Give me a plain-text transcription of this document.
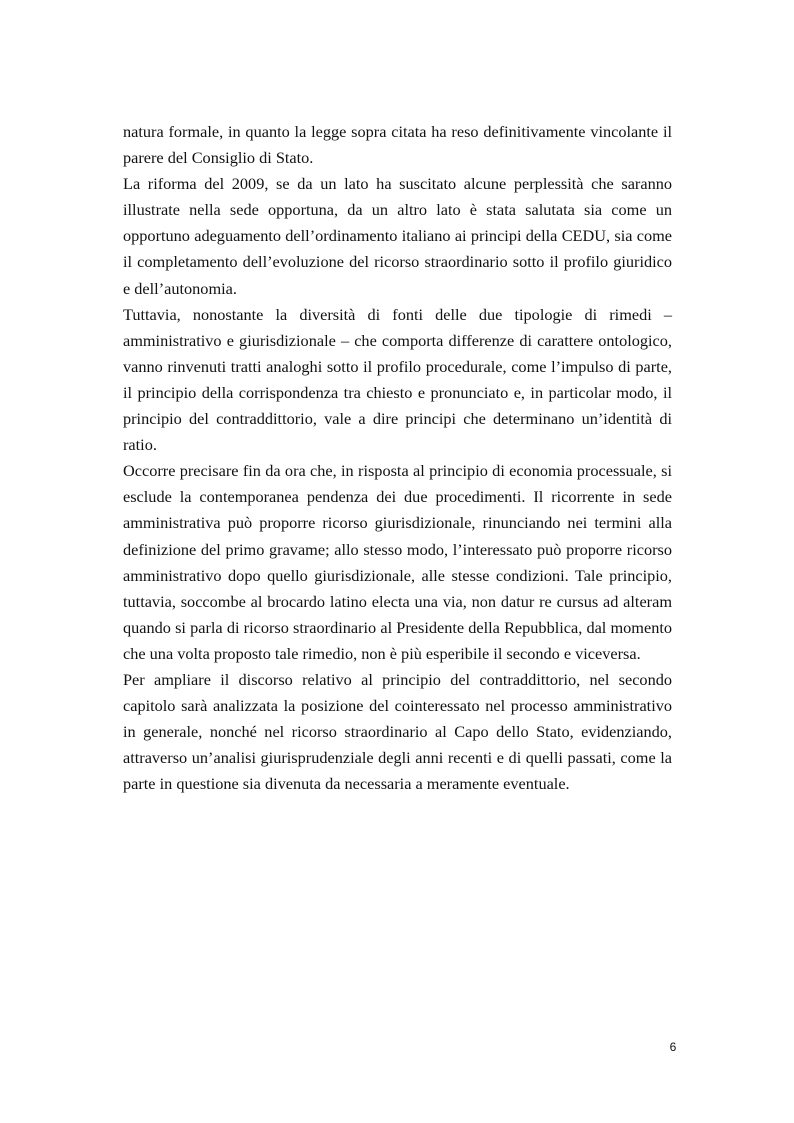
natura formale, in quanto la legge sopra citata ha reso definitivamente vincolante il parere del Consiglio di Stato.

La riforma del 2009, se da un lato ha suscitato alcune perplessità che saranno illustrate nella sede opportuna, da un altro lato è stata salutata sia come un opportuno adeguamento dell’ordinamento italiano ai principi della CEDU, sia come il completamento dell’evoluzione del ricorso straordinario sotto il profilo giuridico e dell’autonomia.

Tuttavia, nonostante la diversità di fonti delle due tipologie di rimedi – amministrativo e giurisdizionale – che comporta differenze di carattere ontologico, vanno rinvenuti tratti analoghi sotto il profilo procedurale, come l’impulso di parte, il principio della corrispondenza tra chiesto e pronunciato e, in particolar modo, il principio del contraddittorio, vale a dire principi che determinano un’identità di ratio.

Occorre precisare fin da ora che, in risposta al principio di economia processuale, si esclude la contemporanea pendenza dei due procedimenti. Il ricorrente in sede amministrativa può proporre ricorso giurisdizionale, rinunciando nei termini alla definizione del primo gravame; allo stesso modo, l’interessato può proporre ricorso amministrativo dopo quello giurisdizionale, alle stesse condizioni. Tale principio, tuttavia, soccombe al brocardo latino electa una via, non datur re cursus ad alteram quando si parla di ricorso straordinario al Presidente della Repubblica, dal momento che una volta proposto tale rimedio, non è più esperibile il secondo e viceversa.

Per ampliare il discorso relativo al principio del contraddittorio, nel secondo capitolo sarà analizzata la posizione del cointeressato nel processo amministrativo in generale, nonché nel ricorso straordinario al Capo dello Stato, evidenziando, attraverso un’analisi giurisprudenziale degli anni recenti e di quelli passati, come la parte in questione sia divenuta da necessaria a meramente eventuale.

6
